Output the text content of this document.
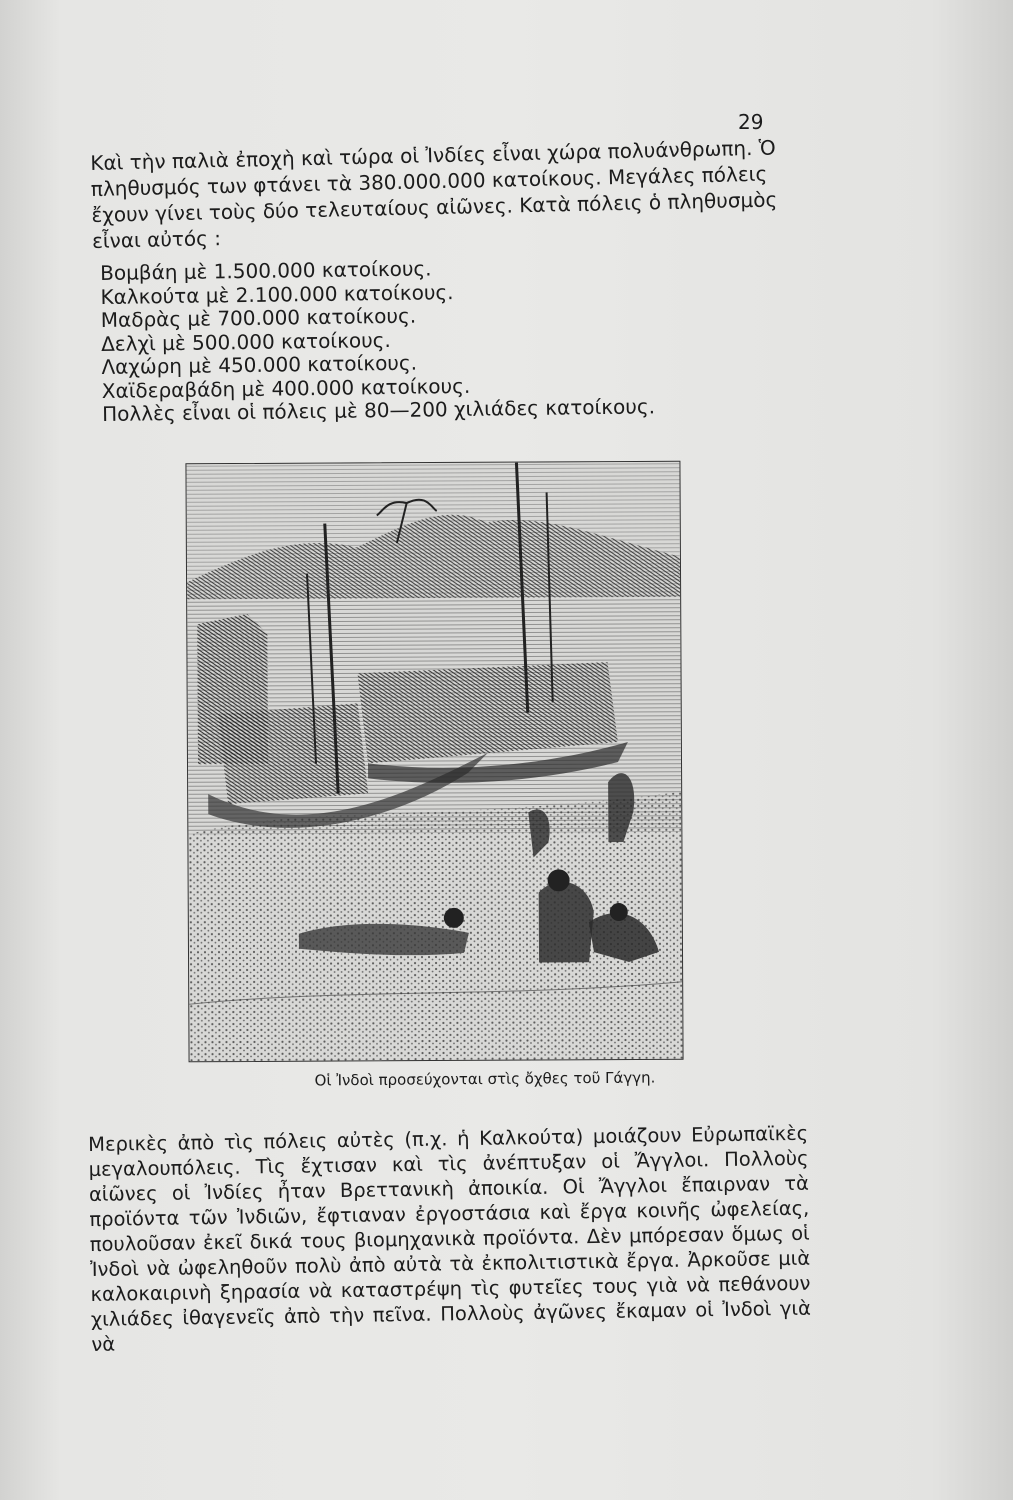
29

Καὶ τὴν παλιὰ ἐποχὴ καὶ τώρα οἱ Ἰνδίες εἶναι χώρα πολυάνθρωπη. Ὁ πληθυσμός των φτάνει τὰ 380.000.000 κατοίκους. Μεγάλες πόλεις ἔχουν γίνει τοὺς δύο τελευταίους αἰῶνες. Κατὰ πόλεις ὁ πληθυσμὸς εἶναι αὐτός :

Βομβάη μὲ 1.500.000 κατοίκους.
Καλκούτα μὲ 2.100.000 κατοίκους.
Μαδρὰς μὲ 700.000 κατοίκους.
Δελχὶ μὲ 500.000 κατοίκους.
Λαχώρη μὲ 450.000 κατοίκους.
Χαϊδεραβάδη μὲ 400.000 κατοίκους.
Πολλὲς εἶναι οἱ πόλεις μὲ 80—200 χιλιάδες κατοίκους.
Οἱ Ἰνδοὶ προσεύχονται στὶς ὄχθες τοῦ Γάγγη.

Μερικὲς ἀπὸ τὶς πόλεις αὐτὲς (π.χ. ἡ Καλκούτα) μοιάζουν Εὐρωπαϊκὲς μεγαλουπόλεις. Τὶς ἔχτισαν καὶ τὶς ἀνέπτυξαν οἱ Ἄγγλοι. Πολλοὺς αἰῶνες οἱ Ἰνδίες ἦταν Βρεττανικὴ ἀποικία. Οἱ Ἄγγλοι ἔπαιρναν τὰ προϊόντα τῶν Ἰνδιῶν, ἔφτιαναν ἐργοστάσια καὶ ἔργα κοινῆς ὠφελείας, πουλοῦσαν ἐκεῖ δικά τους βιομηχανικὰ προϊόντα. Δὲν μπόρεσαν ὅμως οἱ Ἰνδοὶ νὰ ὠφεληθοῦν πολὺ ἀπὸ αὐτὰ τὰ ἐκπολιτιστικὰ ἔργα. Ἀρκοῦσε μιὰ καλοκαιρινὴ ξηρασία νὰ καταστρέψη τὶς φυτεῖες τους γιὰ νὰ πεθάνουν χιλιάδες ἰθαγενεῖς ἀπὸ τὴν πεῖνα. Πολλοὺς ἀγῶνες ἔκαμαν οἱ Ἰνδοὶ γιὰ νὰ
